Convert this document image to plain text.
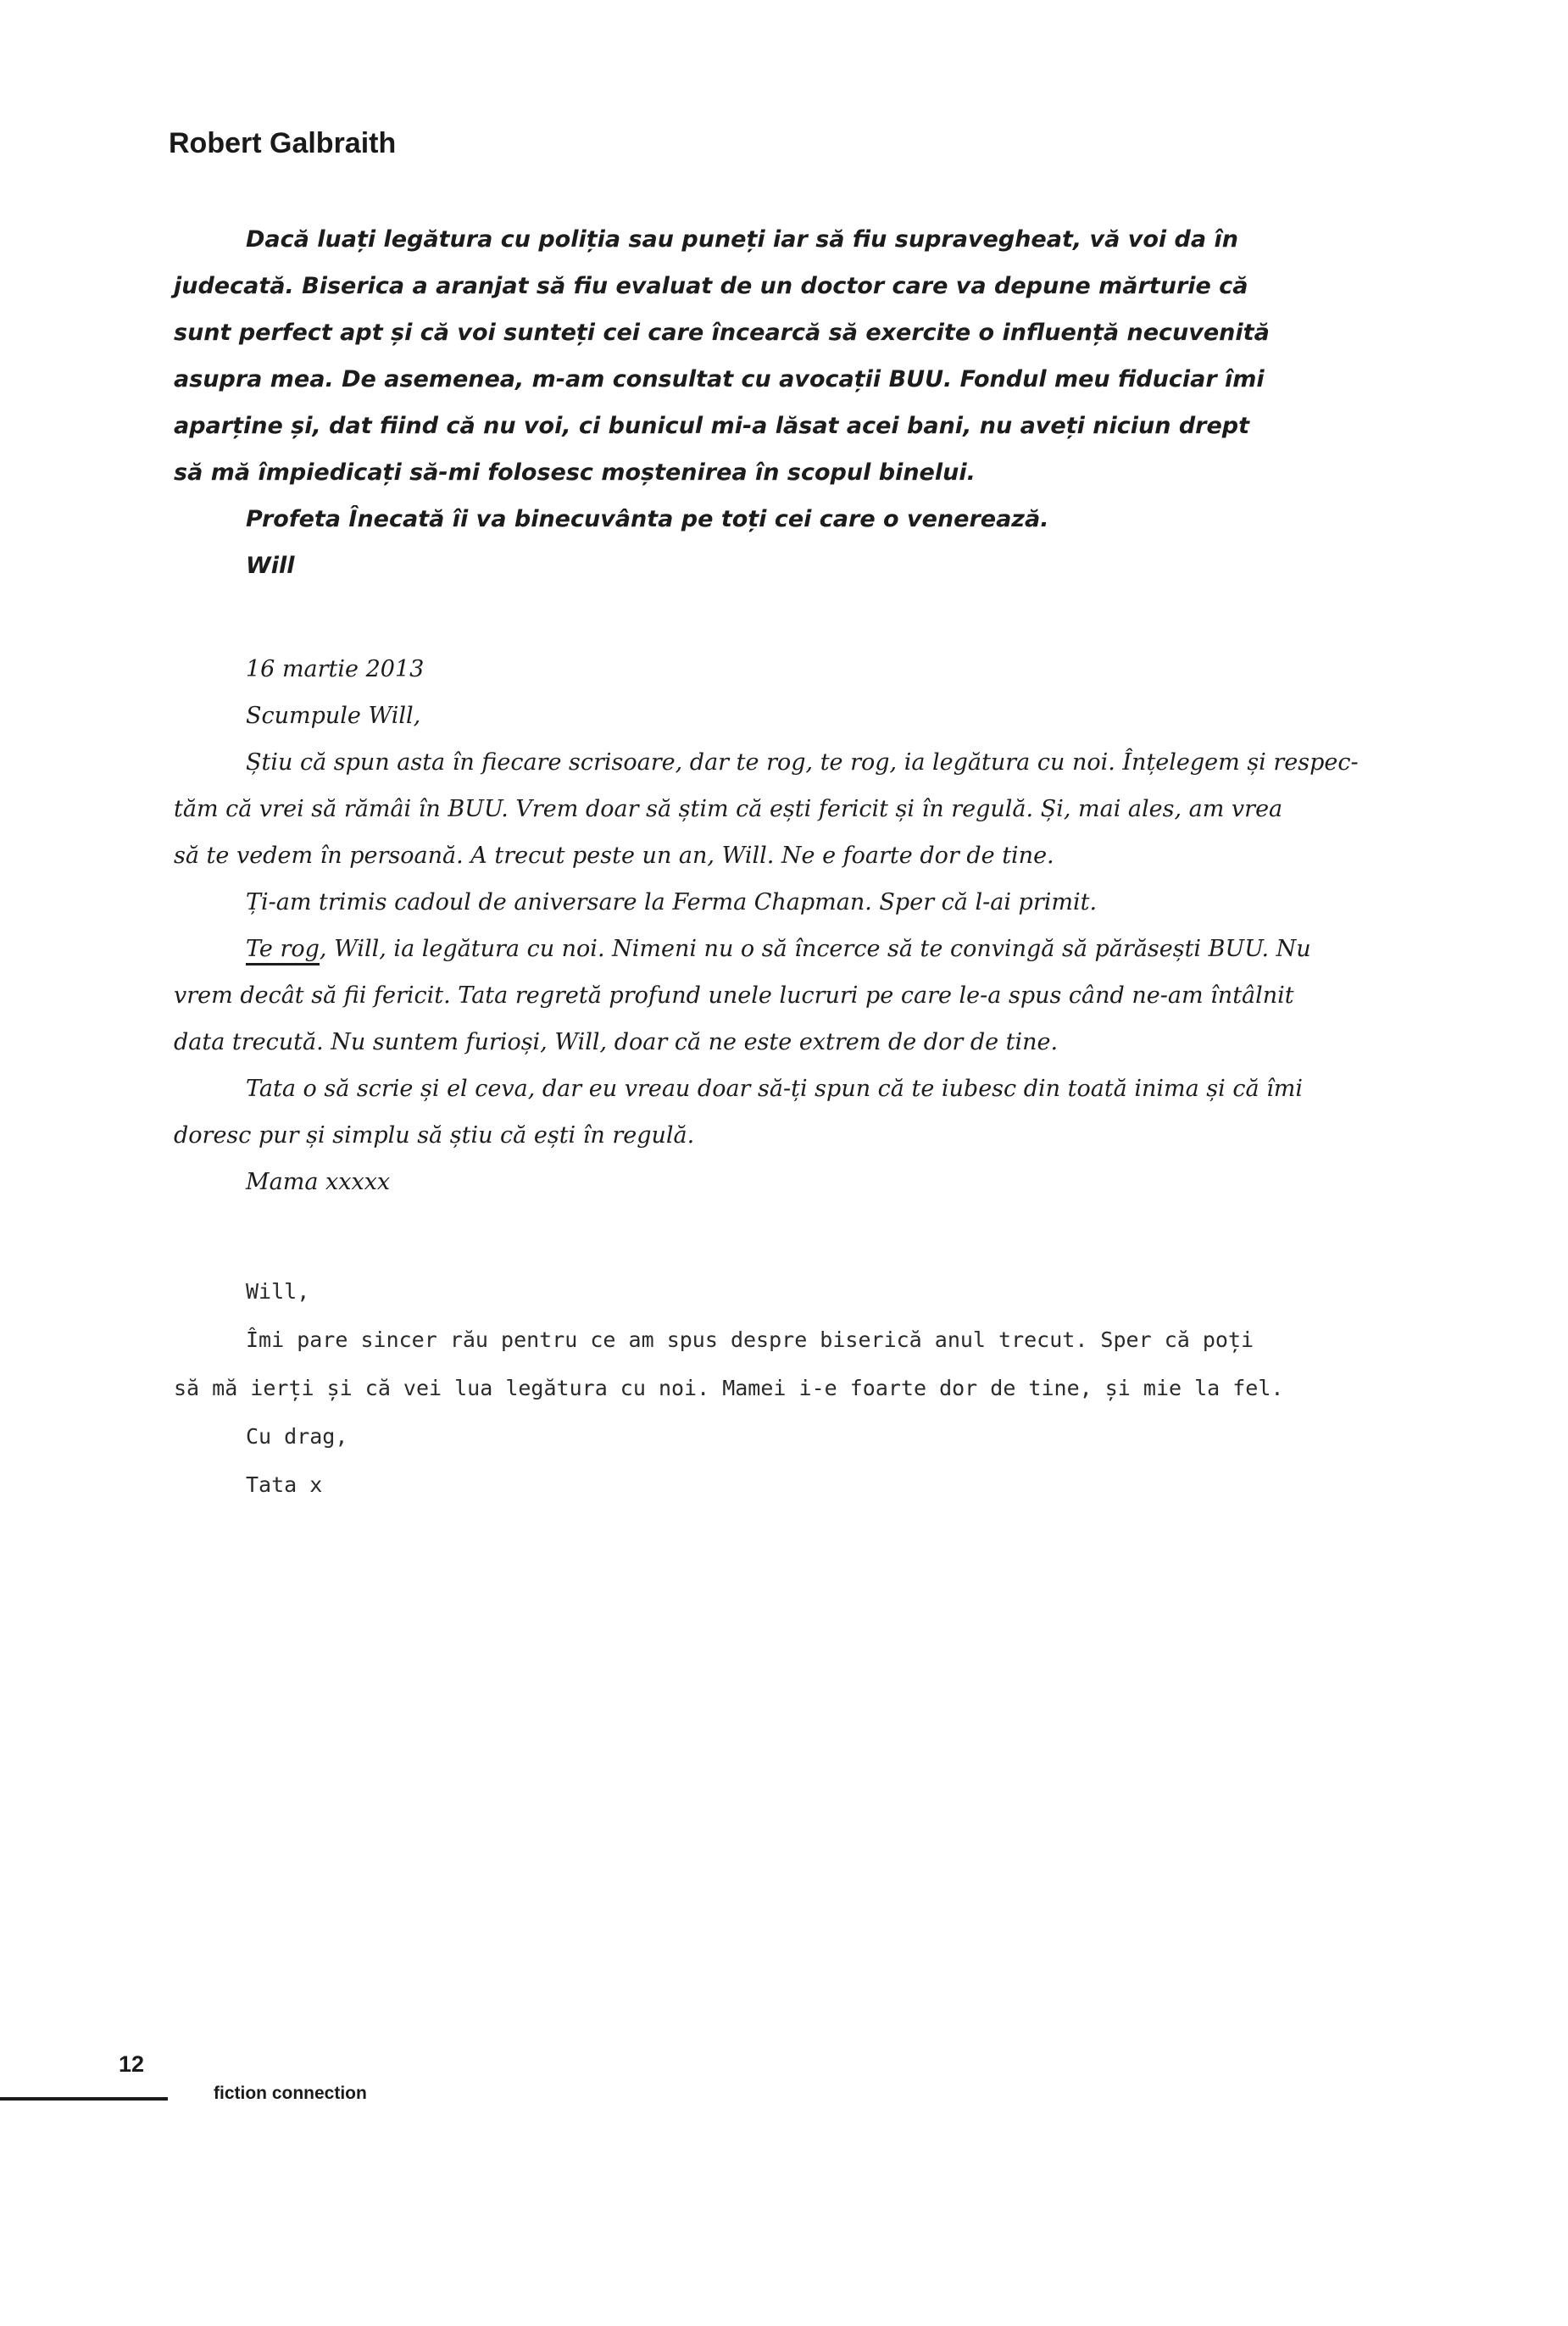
Robert Galbraith
Dacă luați legătura cu poliția sau puneți iar să fiu supravegheat, vă voi da în
judecată. Biserica a aranjat să fiu evaluat de un doctor care va depune mărturie că
sunt perfect apt și că voi sunteți cei care încearcă să exercite o influență necuvenită
asupra mea. De asemenea, m-am consultat cu avocații BUU. Fondul meu fiduciar îmi
aparține și, dat fiind că nu voi, ci bunicul mi-a lăsat acei bani, nu aveți niciun drept
să mă împiedicați să-mi folosesc moștenirea în scopul binelui.
Profeta Înecată îi va binecuvânta pe toți cei care o venerează.
Will
16 martie 2013
Scumpule Will,
Știu că spun asta în fiecare scrisoare, dar te rog, te rog, ia legătura cu noi. Înțelegem și respec-
tăm că vrei să rămâi în BUU. Vrem doar să știm că ești fericit și în regulă. Și, mai ales, am vrea
să te vedem în persoană. A trecut peste un an, Will. Ne e foarte dor de tine.
Ți-am trimis cadoul de aniversare la Ferma Chapman. Sper că l-ai primit.
Te rog, Will, ia legătura cu noi. Nimeni nu o să încerce să te convingă să părăsești BUU. Nu
vrem decât să fii fericit. Tata regretă profund unele lucruri pe care le-a spus când ne-am întâlnit
data trecută. Nu suntem furioși, Will, doar că ne este extrem de dor de tine.
Tata o să scrie și el ceva, dar eu vreau doar să-ți spun că te iubesc din toată inima și că îmi
doresc pur și simplu să știu că ești în regulă.
Mama xxxxx
Will,
Îmi pare sincer rău pentru ce am spus despre biserică anul trecut. Sper că poți
să mă ierți și că vei lua legătura cu noi. Mamei i-e foarte dor de tine, și mie la fel.
Cu drag,
Tata x
12
fiction connection
